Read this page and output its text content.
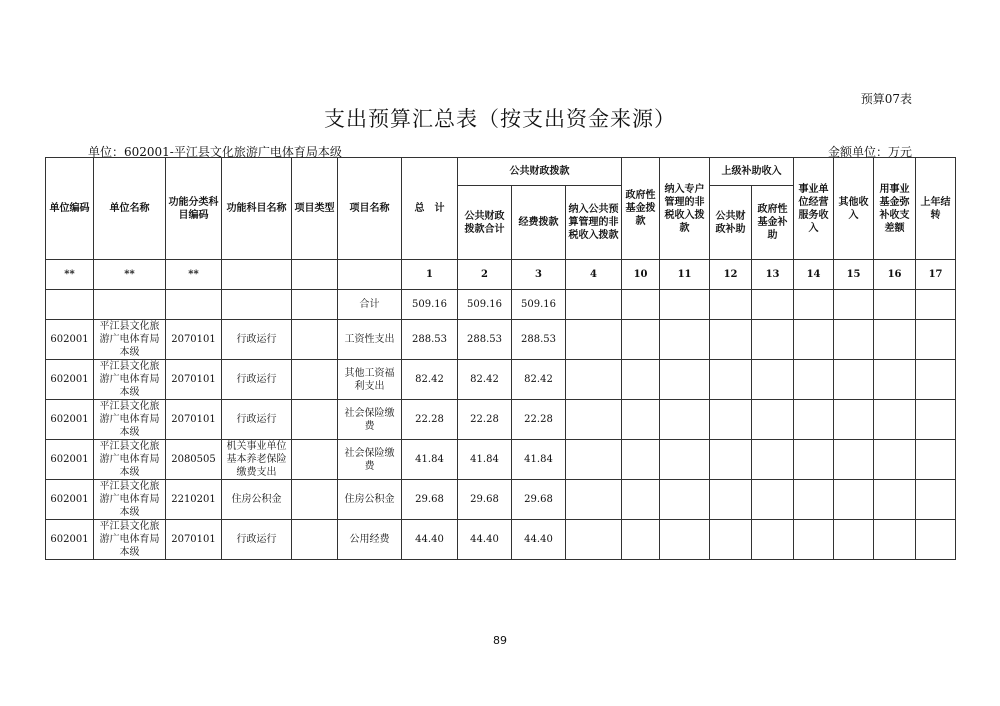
预算07表
支出预算汇总表（按支出资金来源）
单位：602001-平江县文化旅游广电体育局本级	金额单位：万元
单位编码	单位名称	功能分类科目编码	功能科目名称	项目类型	项目名称	总　计	公共财政拨款			政府性基金拨款	纳入专户管理的非税收入拨款	上级补助收入		事业单位经营服务收入	其他收入	用事业基金弥补收支差额	上年结转
							公共财政拨款合计	经费拨款	纳入公共预算管理的非税收入拨款			公共财政补助	政府性基金补助				
**	**	**				1	2	3	4	10	11	12	13	14	15	16	17
					合计	509.16	509.16	509.16									
602001	平江县文化旅游广电体育局本级	2070101	行政运行		工资性支出	288.53	288.53	288.53									
602001	平江县文化旅游广电体育局本级	2070101	行政运行		其他工资福利支出	82.42	82.42	82.42									
602001	平江县文化旅游广电体育局本级	2070101	行政运行		社会保险缴费	22.28	22.28	22.28									
602001	平江县文化旅游广电体育局本级	2080505	机关事业单位基本养老保险缴费支出		社会保险缴费	41.84	41.84	41.84									
602001	平江县文化旅游广电体育局本级	2210201	住房公积金		住房公积金	29.68	29.68	29.68									
602001	平江县文化旅游广电体育局本级	2070101	行政运行		公用经费	44.40	44.40	44.40									
89
